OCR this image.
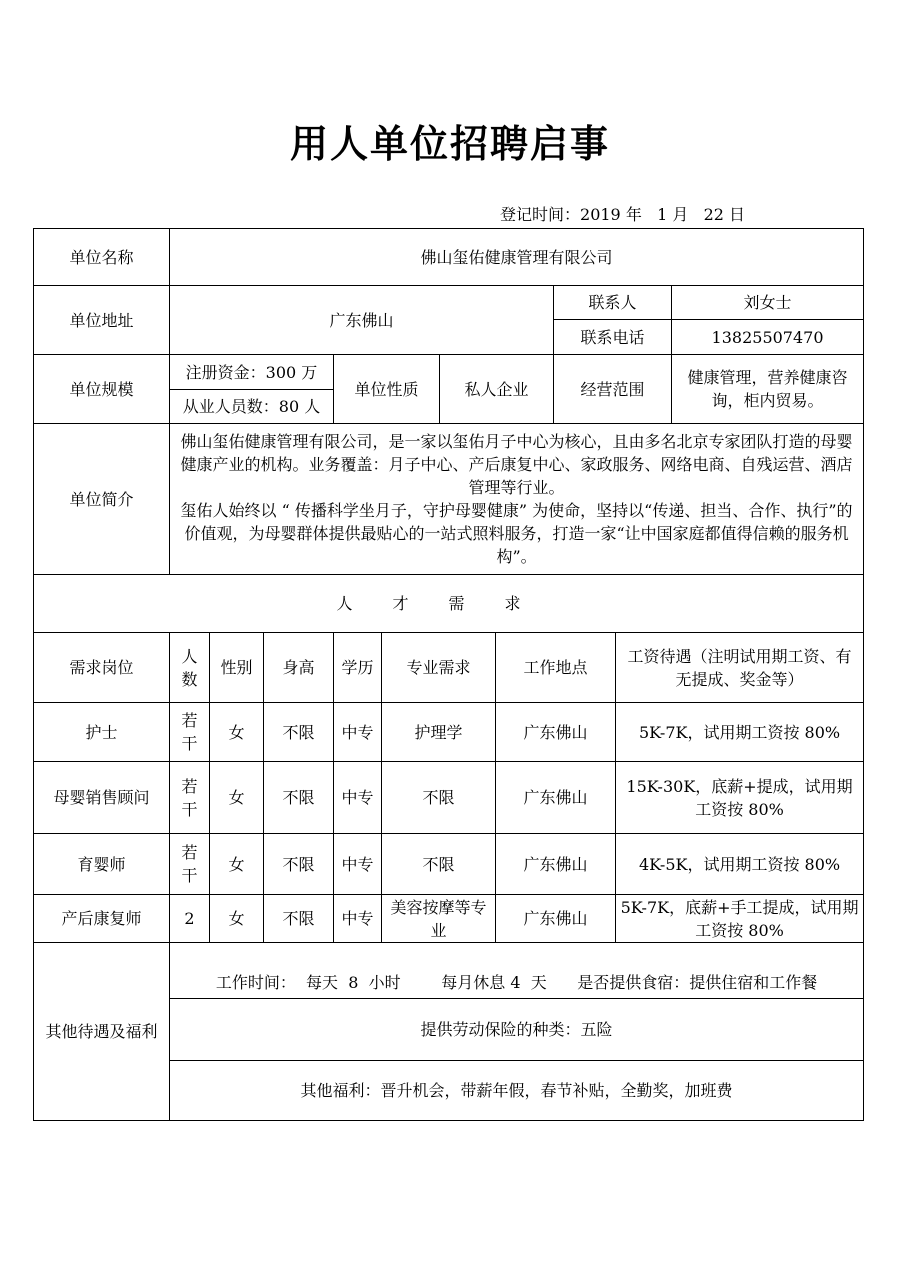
用人单位招聘启事
登记时间：2019 年   1 月   22 日
单位名称	佛山玺佑健康管理有限公司									
单位地址	广东佛山							联系人		刘女士
								联系电话		13825507470
单位规模	注册资金：300 万			单位性质		私人企业		经营范围		健康管理，营养健康咨询，柜内贸易。
	从业人员数：80 人									
单位简介	佛山玺佑健康管理有限公司，是一家以玺佑月子中心为核心，且由多名北京专家团队打造的母婴健康产业的机构。业务覆盖：月子中心、产后康复中心、家政服务、网络电商、自残运营、酒店管理等行业。
玺佑人始终以 “ 传播科学坐月子，守护母婴健康” 为使命，坚持以“传递、担当、合作、执行”的价值观，为母婴群体提供最贴心的一站式照料服务，打造一家“让中国家庭都值得信赖的服务机构”。									

人才需求										
需求岗位	人数	性别	身高	学历	专业需求		工作地点		工资待遇（注明试用期工资、有无提成、奖金等）	
护士	若干	女	不限	中专	护理学		广东佛山		5K-7K，试用期工资按 80%	
母婴销售顾问	若干	女	不限	中专	不限		广东佛山		15K-30K，底薪+提成，试用期工资按 80%	
育婴师	若干	女	不限	中专	不限		广东佛山		4K-5K，试用期工资按 80%	
产后康复师	2	女	不限	中专	美容按摩等专业		广东佛山		5K-7K，底薪+手工提成，试用期工资按 80%	
其他待遇及福利	工作时间：  每天  8  小时        每月休息 4  天      是否提供食宿：提供住宿和工作餐									
	提供劳动保险的种类：五险									
	其他福利：晋升机会，带薪年假，春节补贴，全勤奖，加班费									
